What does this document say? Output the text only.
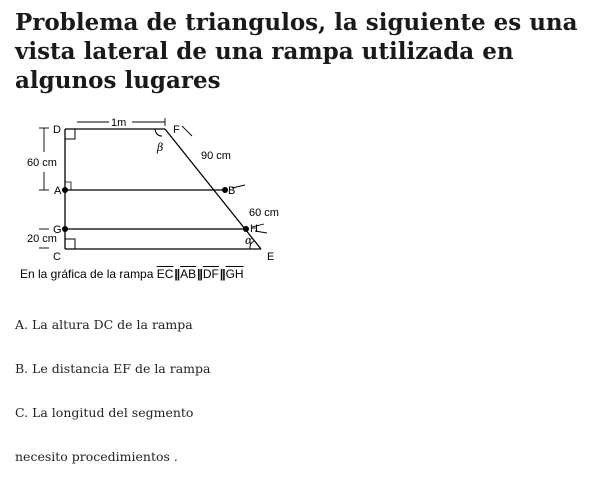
Problema de triangulos, la siguiente es una vista lateral de una rampa utilizada en algunos lugares
1m
90 cm
60 cm
60 cm
20 cm
D	F
A	B
G	H
C	E
β
α
En la gráfica de la rampa $\overline{EC}||\overline{AB}||\overline{DF}||\overline{GH}$

A. La altura DC de la rampa

B. Le distancia EF de la rampa

C. La longitud del segmento

necesito procedimientos .
